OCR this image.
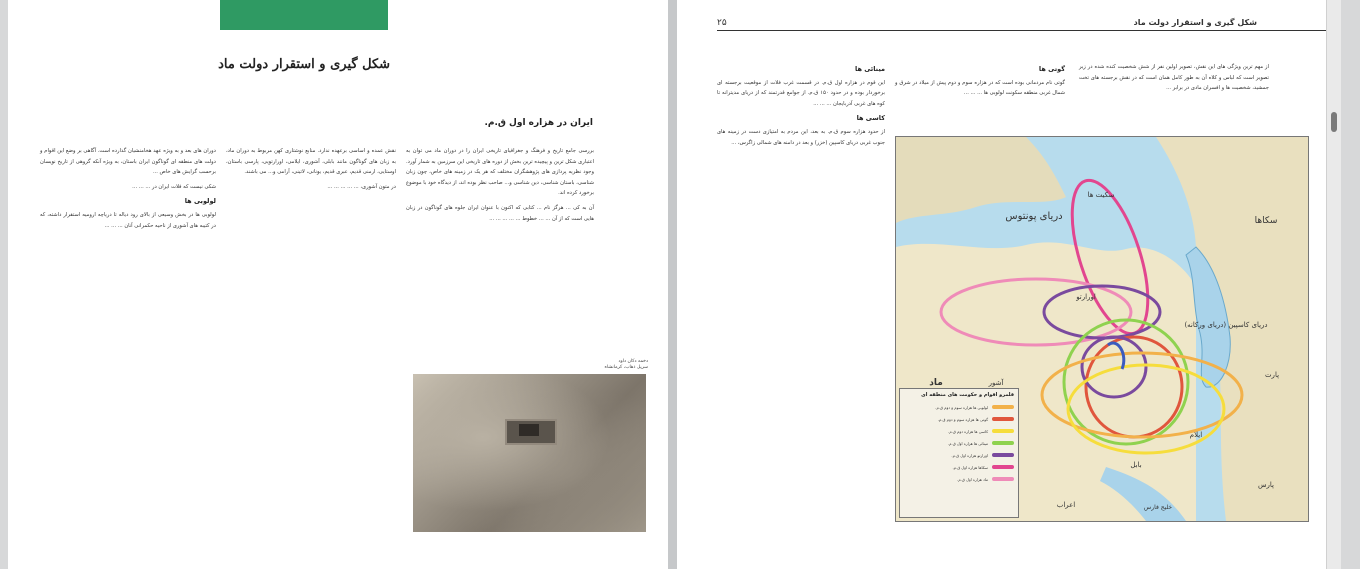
شکل گیری و استقرار دولت ماد
ایران در هزاره اول ق.م.

بررسی جامع تاریخ و فرهنگ و جغرافیای تاریخی ایران را در دوران ماد می توان به اعتباری شکل ترین و پیچیده ترین بخش از دوره های تاریخی این سرزمین به شمار آورد. وجود نظریه پردازی های پژوهشگران مختلف که هر یک در زمینه های خاص، چون زبان شناسی، باستان شناسی، دین شناسی و... صاحب نظر بوده اند، از دیدگاه خود با موضوع برخورد کرده اند.

آن به کی ... هرگز نام ... کتابی که اکنون با عنوان ایران جلوه های گوناگون در زبان هایی است که از آن ... ... خطوط ... ... ... ... ...

نقش عمده و اساسی برعهده ندارد. منابع نوشتاری کهن مربوط به دوران ماد، به زبان های گوناگون مانند بابلی، آشوری، ایلامی، اورارتویی، پارسی باستان، اوستایی، ارمنی قدیم، عبری قدیم، یونانی، لاتینی، آرامی و... می باشند.

در متون آشوری، ... ... ... ... ...

دوران های بعد و به ویژه عهد هخامنشیان گذارده است. آگاهی بر وضع این اقوام و دولت های منطقه ای گوناگون ایران باستان، به ویژه آنکه گروهی از تاریخ نویسان برحسب گرایش های خاص ...

شکی نیست که فلات ایران در ... ... ...

لولوبی ها

لولوبی ها در بخش وسیعی از بالای رود دیاله تا دریاچه ارومیه استقرار داشته، که در کتیبه های آشوری از ناحیه حکمرانی آنان ... ... ...

دخمه دکان داود
سرپل ذهاب، کرمانشاه
۲۵	شکل گیری و استقرار دولت ماد

از مهم ترین ویژگی های این نقش، تصویر اولین نفر از شش شخصیت کنده شده در زیر تصویر است که لباس و کلاه آن به طور کامل همان است که در نقش برجسته های تخت جمشید، شخصیت ها و افسران مادی در برابر ...

گوتی ها

گوتی نام مردمانی بوده است که در هزاره سوم و دوم پیش از میلاد در شرق و شمال غربی منطقه سکونت لولوبی ها ... ... ...

مینائی ها

این قوم در هزاره اول ق.م. در قسمت غرب فلات از موقعیت برجسته ای برخوردار بوده و در حدود ۱۵۰ ق.م. از جوامع قدرتمند که از دریای مدیترانه تا کوه های غربی آذربایجان ... ... ...

کاسی ها

از حدود هزاره سوم ق.م. به بعد، این مردم به امتیازی دست در زمینه های جنوب غربی دریای کاسپین (خزر) و بعد در دامنه های شمالی زاگرس، ...

دریای پونتوس
دریای کاسپین (دریای ورکانه)
سکاها
سکیت ها
اورارتو
آشور
ماد
بابل
ایلام
پارس
پارت
خلیج فارس
اعراب
قلمرو اقوام و حکومت های منطقه ای
لولوبی ها هزاره سوم و دوم ق.م.
گوتی ها هزاره سوم و دوم ق.م.
کاسی ها هزاره دوم ق.م.
مینائی ها هزاره اول ق.م.
اورارتو هزاره اول ق.م.
سکاها هزاره اول ق.م.
ماد هزاره اول ق.م.
